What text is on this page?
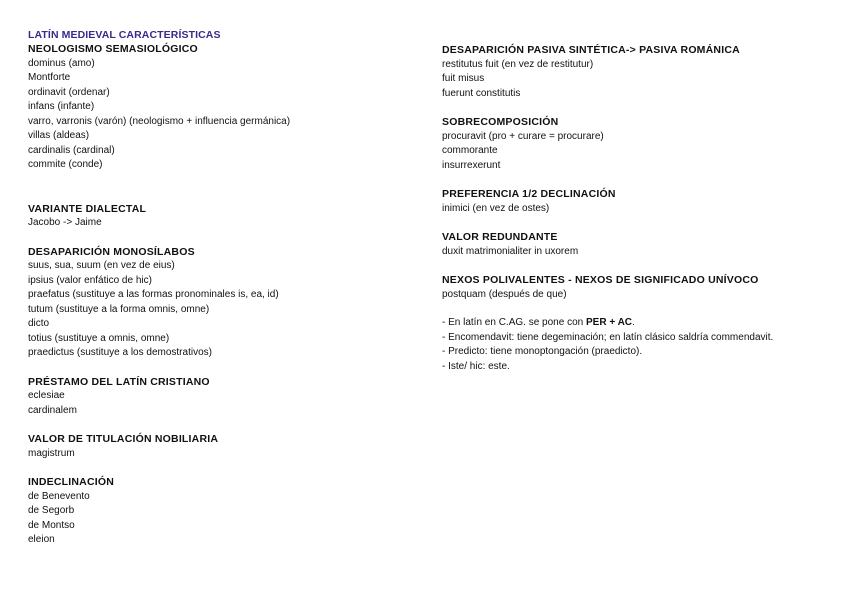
LATÍN MEDIEVAL CARACTERÍSTICAS
NEOLOGISMO SEMASIOLÓGICO
dominus (amo)
Montforte
ordinavit (ordenar)
infans (infante)
varro, varronis (varón) (neologismo + influencia germánica)
villas (aldeas)
cardinalis (cardinal)
commite (conde)
VARIANTE DIALECTAL
Jacobo -> Jaime
DESAPARICIÓN MONOSÍLABOS
suus, sua, suum (en vez de eius)
ipsius (valor enfático de hic)
praefatus (sustituye a las formas pronominales is, ea, id)
tutum (sustituye a la forma omnis, omne)
dicto
totius (sustituye a omnis, omne)
praedictus (sustituye a los demostrativos)
PRÉSTAMO DEL LATÍN CRISTIANO
eclesiae
cardinalem
VALOR DE TITULACIÓN NOBILIARIA
magistrum
INDECLINACIÓN
de Benevento
de Segorb
de Montso
eleion
DESAPARICIÓN PASIVA SINTÉTICA-> PASIVA ROMÁNICA
restitutus fuit (en vez de restitutur)
fuit misus
fuerunt constitutis
SOBRECOMPOSICIÓN
procuravit (pro + curare = procurare)
commorante
insurrexerunt
PREFERENCIA 1/2 DECLINACIÓN
inimici (en vez de ostes)
VALOR REDUNDANTE
duxit matrimonialiter in uxorem
NEXOS POLIVALENTES - NEXOS DE SIGNIFICADO UNÍVOCO
postquam (después de que)
- En latín en C.AG. se pone con PER + AC.
- Encomendavit: tiene degeminación; en latín clásico saldría commendavit.
- Predicto: tiene monoptongación (praedicto).
- Iste/ hic: este.
